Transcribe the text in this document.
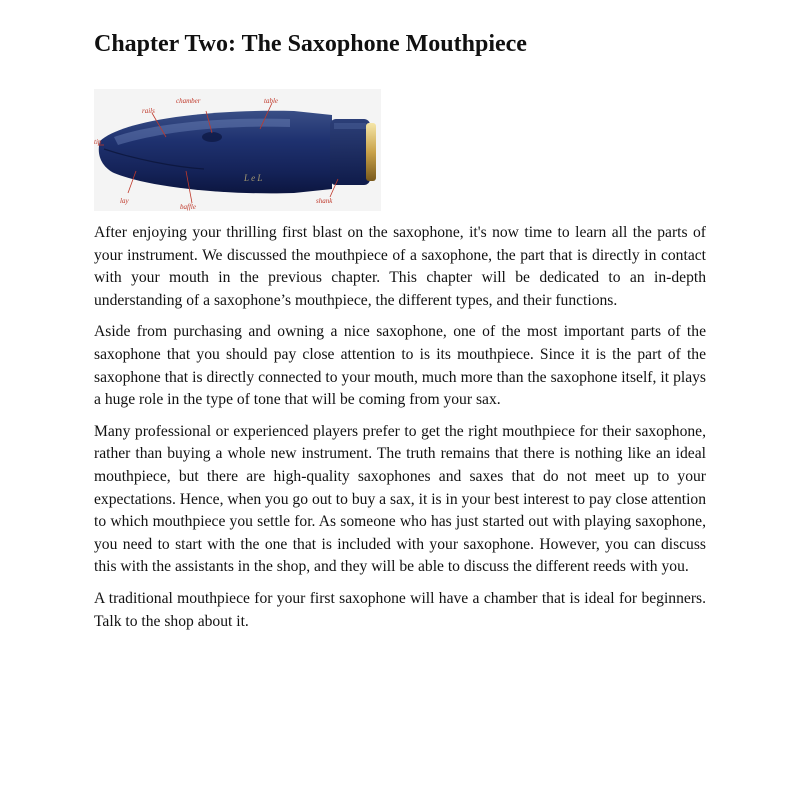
Chapter Two: The Saxophone Mouthpiece
L e L
chamber
rails
table
tip
lay
baffle
shank

After enjoying your thrilling first blast on the saxophone, it's now time to learn all the parts of your instrument. We discussed the mouthpiece of a saxophone, the part that is directly in contact with your mouth in the previous chapter. This chapter will be dedicated to an in-depth understanding of a saxophone’s mouthpiece, the different types, and their functions.

Aside from purchasing and owning a nice saxophone, one of the most important parts of the saxophone that you should pay close attention to is its mouthpiece. Since it is the part of the saxophone that is directly connected to your mouth, much more than the saxophone itself, it plays a huge role in the type of tone that will be coming from your sax.

Many professional or experienced players prefer to get the right mouthpiece for their saxophone, rather than buying a whole new instrument. The truth remains that there is nothing like an ideal mouthpiece, but there are high-quality saxophones and saxes that do not meet up to your expectations. Hence, when you go out to buy a sax, it is in your best interest to pay close attention to which mouthpiece you settle for. As someone who has just started out with playing saxophone, you need to start with the one that is included with your saxophone. However, you can discuss this with the assistants in the shop, and they will be able to discuss the different reeds with you.

A traditional mouthpiece for your first saxophone will have a chamber that is ideal for beginners. Talk to the shop about it.
